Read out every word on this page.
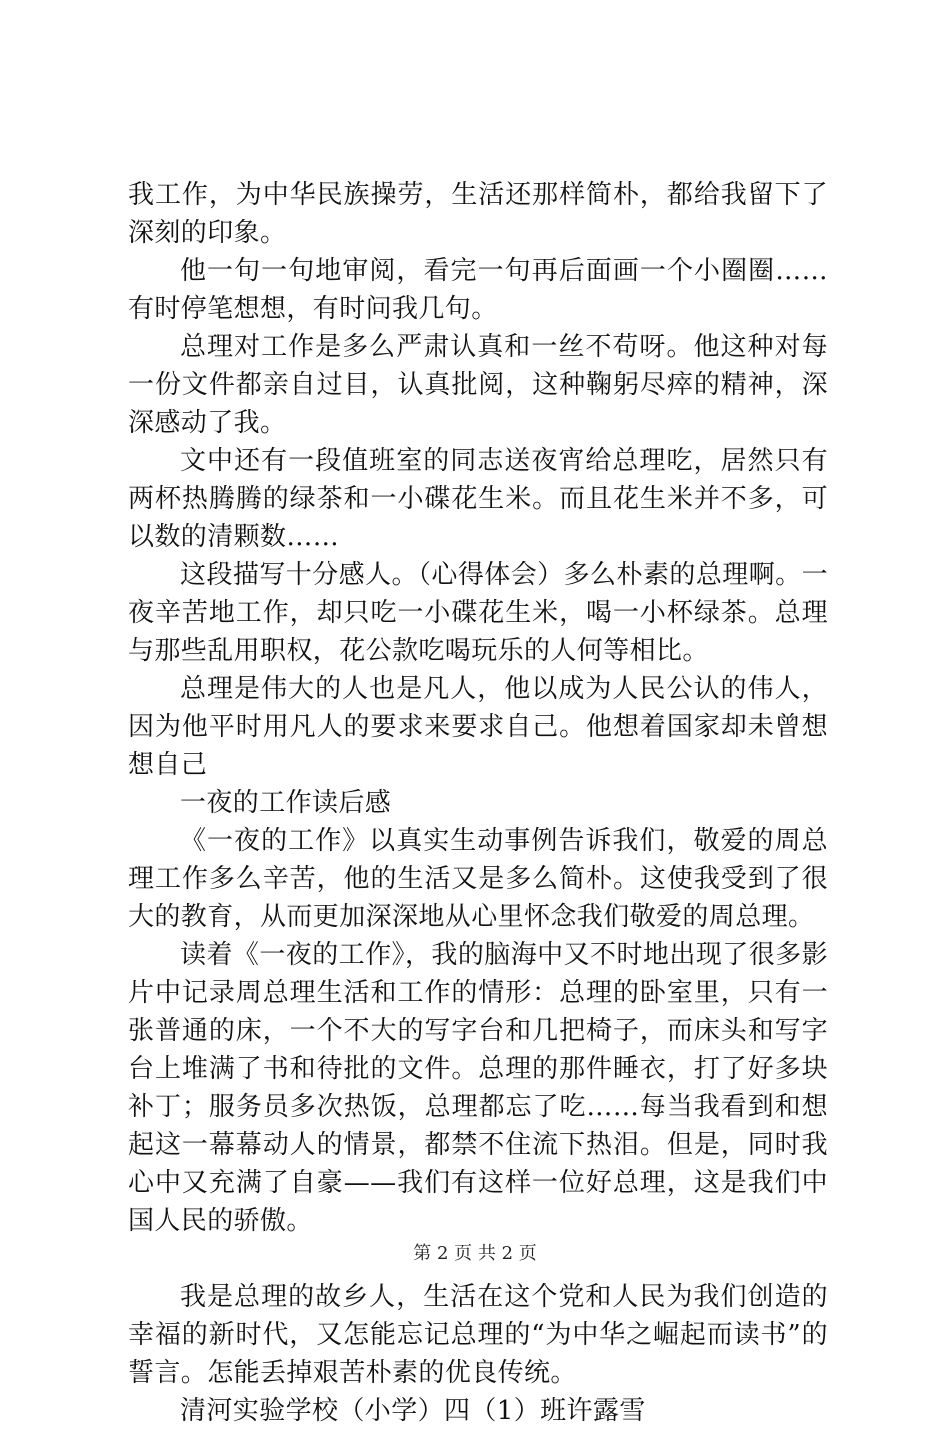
我工作，为中华民族操劳，生活还那样简朴，都给我留下了深刻的印象。

他一句一句地审阅，看完一句再后面画一个小圈圈……有时停笔想想，有时问我几句。

总理对工作是多么严肃认真和一丝不苟呀。他这种对每一份文件都亲自过目，认真批阅，这种鞠躬尽瘁的精神，深深感动了我。

文中还有一段值班室的同志送夜宵给总理吃，居然只有两杯热腾腾的绿茶和一小碟花生米。而且花生米并不多，可以数的清颗数……

这段描写十分感人。（心得体会）多么朴素的总理啊。一夜辛苦地工作，却只吃一小碟花生米，喝一小杯绿茶。总理与那些乱用职权，花公款吃喝玩乐的人何等相比。

总理是伟大的人也是凡人，他以成为人民公认的伟人，因为他平时用凡人的要求来要求自己。他想着国家却未曾想想自己

一夜的工作读后感

《一夜的工作》以真实生动事例告诉我们，敬爱的周总理工作多么辛苦，他的生活又是多么简朴。这使我受到了很大的教育，从而更加深深地从心里怀念我们敬爱的周总理。

读着《一夜的工作》，我的脑海中又不时地出现了很多影片中记录周总理生活和工作的情形：总理的卧室里，只有一张普通的床，一个不大的写字台和几把椅子，而床头和写字台上堆满了书和待批的文件。总理的那件睡衣，打了好多块补丁；服务员多次热饭，总理都忘了吃……每当我看到和想起这一幕幕动人的情景，都禁不住流下热泪。但是，同时我心中又充满了自豪——我们有这样一位好总理，这是我们中国人民的骄傲。

我是总理的故乡人，生活在这个党和人民为我们创造的幸福的新时代，又怎能忘记总理的“为中华之崛起而读书”的誓言。怎能丢掉艰苦朴素的优良传统。

清河实验学校（小学）四（1）班许露雪

第 2 页 共 2 页
